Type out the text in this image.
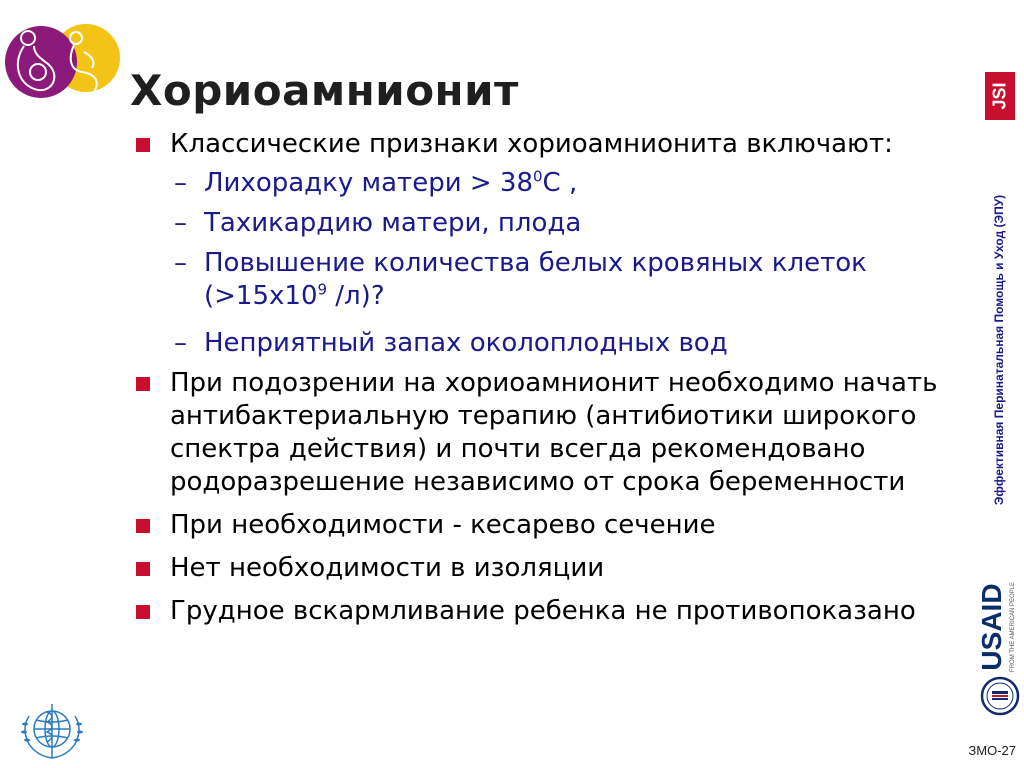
Хориоамнионит
Классические признаки хориоамнионита включают:
– Лихорадку матери > $38^0C$ ,
– Тахикардию матери, плода
– Повышение количества белых кровяных клеток ($>15x10^9$ /л)?
– Неприятный запах околоплодных вод
При подозрении на хориоамнионит необходимо начать антибактериальную терапию (антибиотики широкого спектра действия) и почти всегда рекомендовано родоразрешение независимо от срока беременности
При необходимости - кесарево сечение
Нет необходимости в изоляции
Грудное вскармливание ребенка не противопоказано
JSI
Эффективная Перинатальная Помощь и Уход (ЭПУ)
USAID FROM THE AMERICAN PEOPLE
ЗМО-27
